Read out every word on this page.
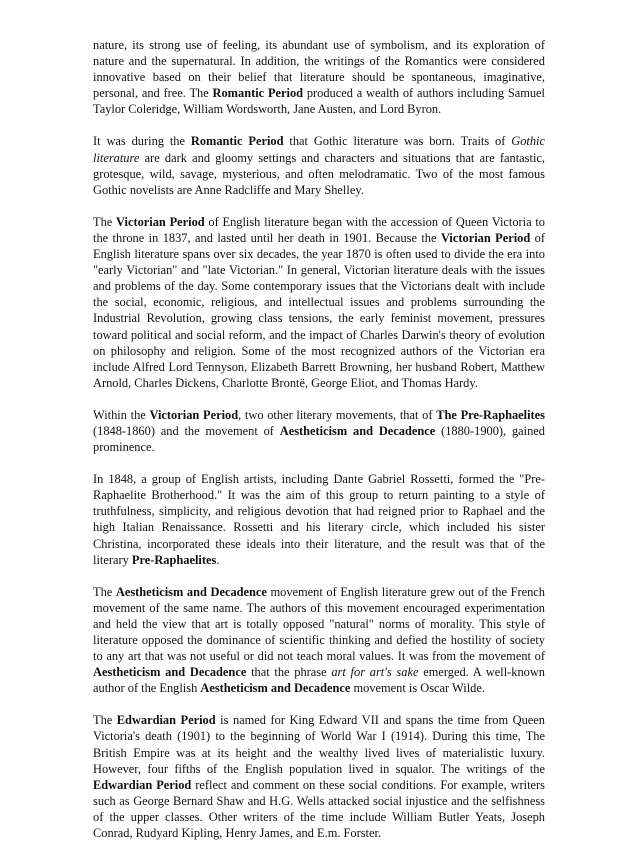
nature, its strong use of feeling, its abundant use of symbolism, and its exploration of nature and the supernatural. In addition, the writings of the Romantics were considered innovative based on their belief that literature should be spontaneous, imaginative, personal, and free. The Romantic Period produced a wealth of authors including Samuel Taylor Coleridge, William Wordsworth, Jane Austen, and Lord Byron.

It was during the Romantic Period that Gothic literature was born. Traits of Gothic literature are dark and gloomy settings and characters and situations that are fantastic, grotesque, wild, savage, mysterious, and often melodramatic. Two of the most famous Gothic novelists are Anne Radcliffe and Mary Shelley.

The Victorian Period of English literature began with the accession of Queen Victoria to the throne in 1837, and lasted until her death in 1901. Because the Victorian Period of English literature spans over six decades, the year 1870 is often used to divide the era into "early Victorian" and "late Victorian." In general, Victorian literature deals with the issues and problems of the day. Some contemporary issues that the Victorians dealt with include the social, economic, religious, and intellectual issues and problems surrounding the Industrial Revolution, growing class tensions, the early feminist movement, pressures toward political and social reform, and the impact of Charles Darwin's theory of evolution on philosophy and religion. Some of the most recognized authors of the Victorian era include Alfred Lord Tennyson, Elizabeth Barrett Browning, her husband Robert, Matthew Arnold, Charles Dickens, Charlotte Brontë, George Eliot, and Thomas Hardy.

Within the Victorian Period, two other literary movements, that of The Pre-Raphaelites (1848-1860) and the movement of Aestheticism and Decadence (1880-1900), gained prominence.

In 1848, a group of English artists, including Dante Gabriel Rossetti, formed the "Pre-Raphaelite Brotherhood." It was the aim of this group to return painting to a style of truthfulness, simplicity, and religious devotion that had reigned prior to Raphael and the high Italian Renaissance. Rossetti and his literary circle, which included his sister Christina, incorporated these ideals into their literature, and the result was that of the literary Pre-Raphaelites.

The Aestheticism and Decadence movement of English literature grew out of the French movement of the same name. The authors of this movement encouraged experimentation and held the view that art is totally opposed "natural" norms of morality. This style of literature opposed the dominance of scientific thinking and defied the hostility of society to any art that was not useful or did not teach moral values. It was from the movement of Aestheticism and Decadence that the phrase art for art's sake emerged. A well-known author of the English Aestheticism and Decadence movement is Oscar Wilde.

The Edwardian Period is named for King Edward VII and spans the time from Queen Victoria's death (1901) to the beginning of World War I (1914). During this time, The British Empire was at its height and the wealthy lived lives of materialistic luxury. However, four fifths of the English population lived in squalor. The writings of the Edwardian Period reflect and comment on these social conditions. For example, writers such as George Bernard Shaw and H.G. Wells attacked social injustice and the selfishness of the upper classes. Other writers of the time include William Butler Yeats, Joseph Conrad, Rudyard Kipling, Henry James, and E.m. Forster.
